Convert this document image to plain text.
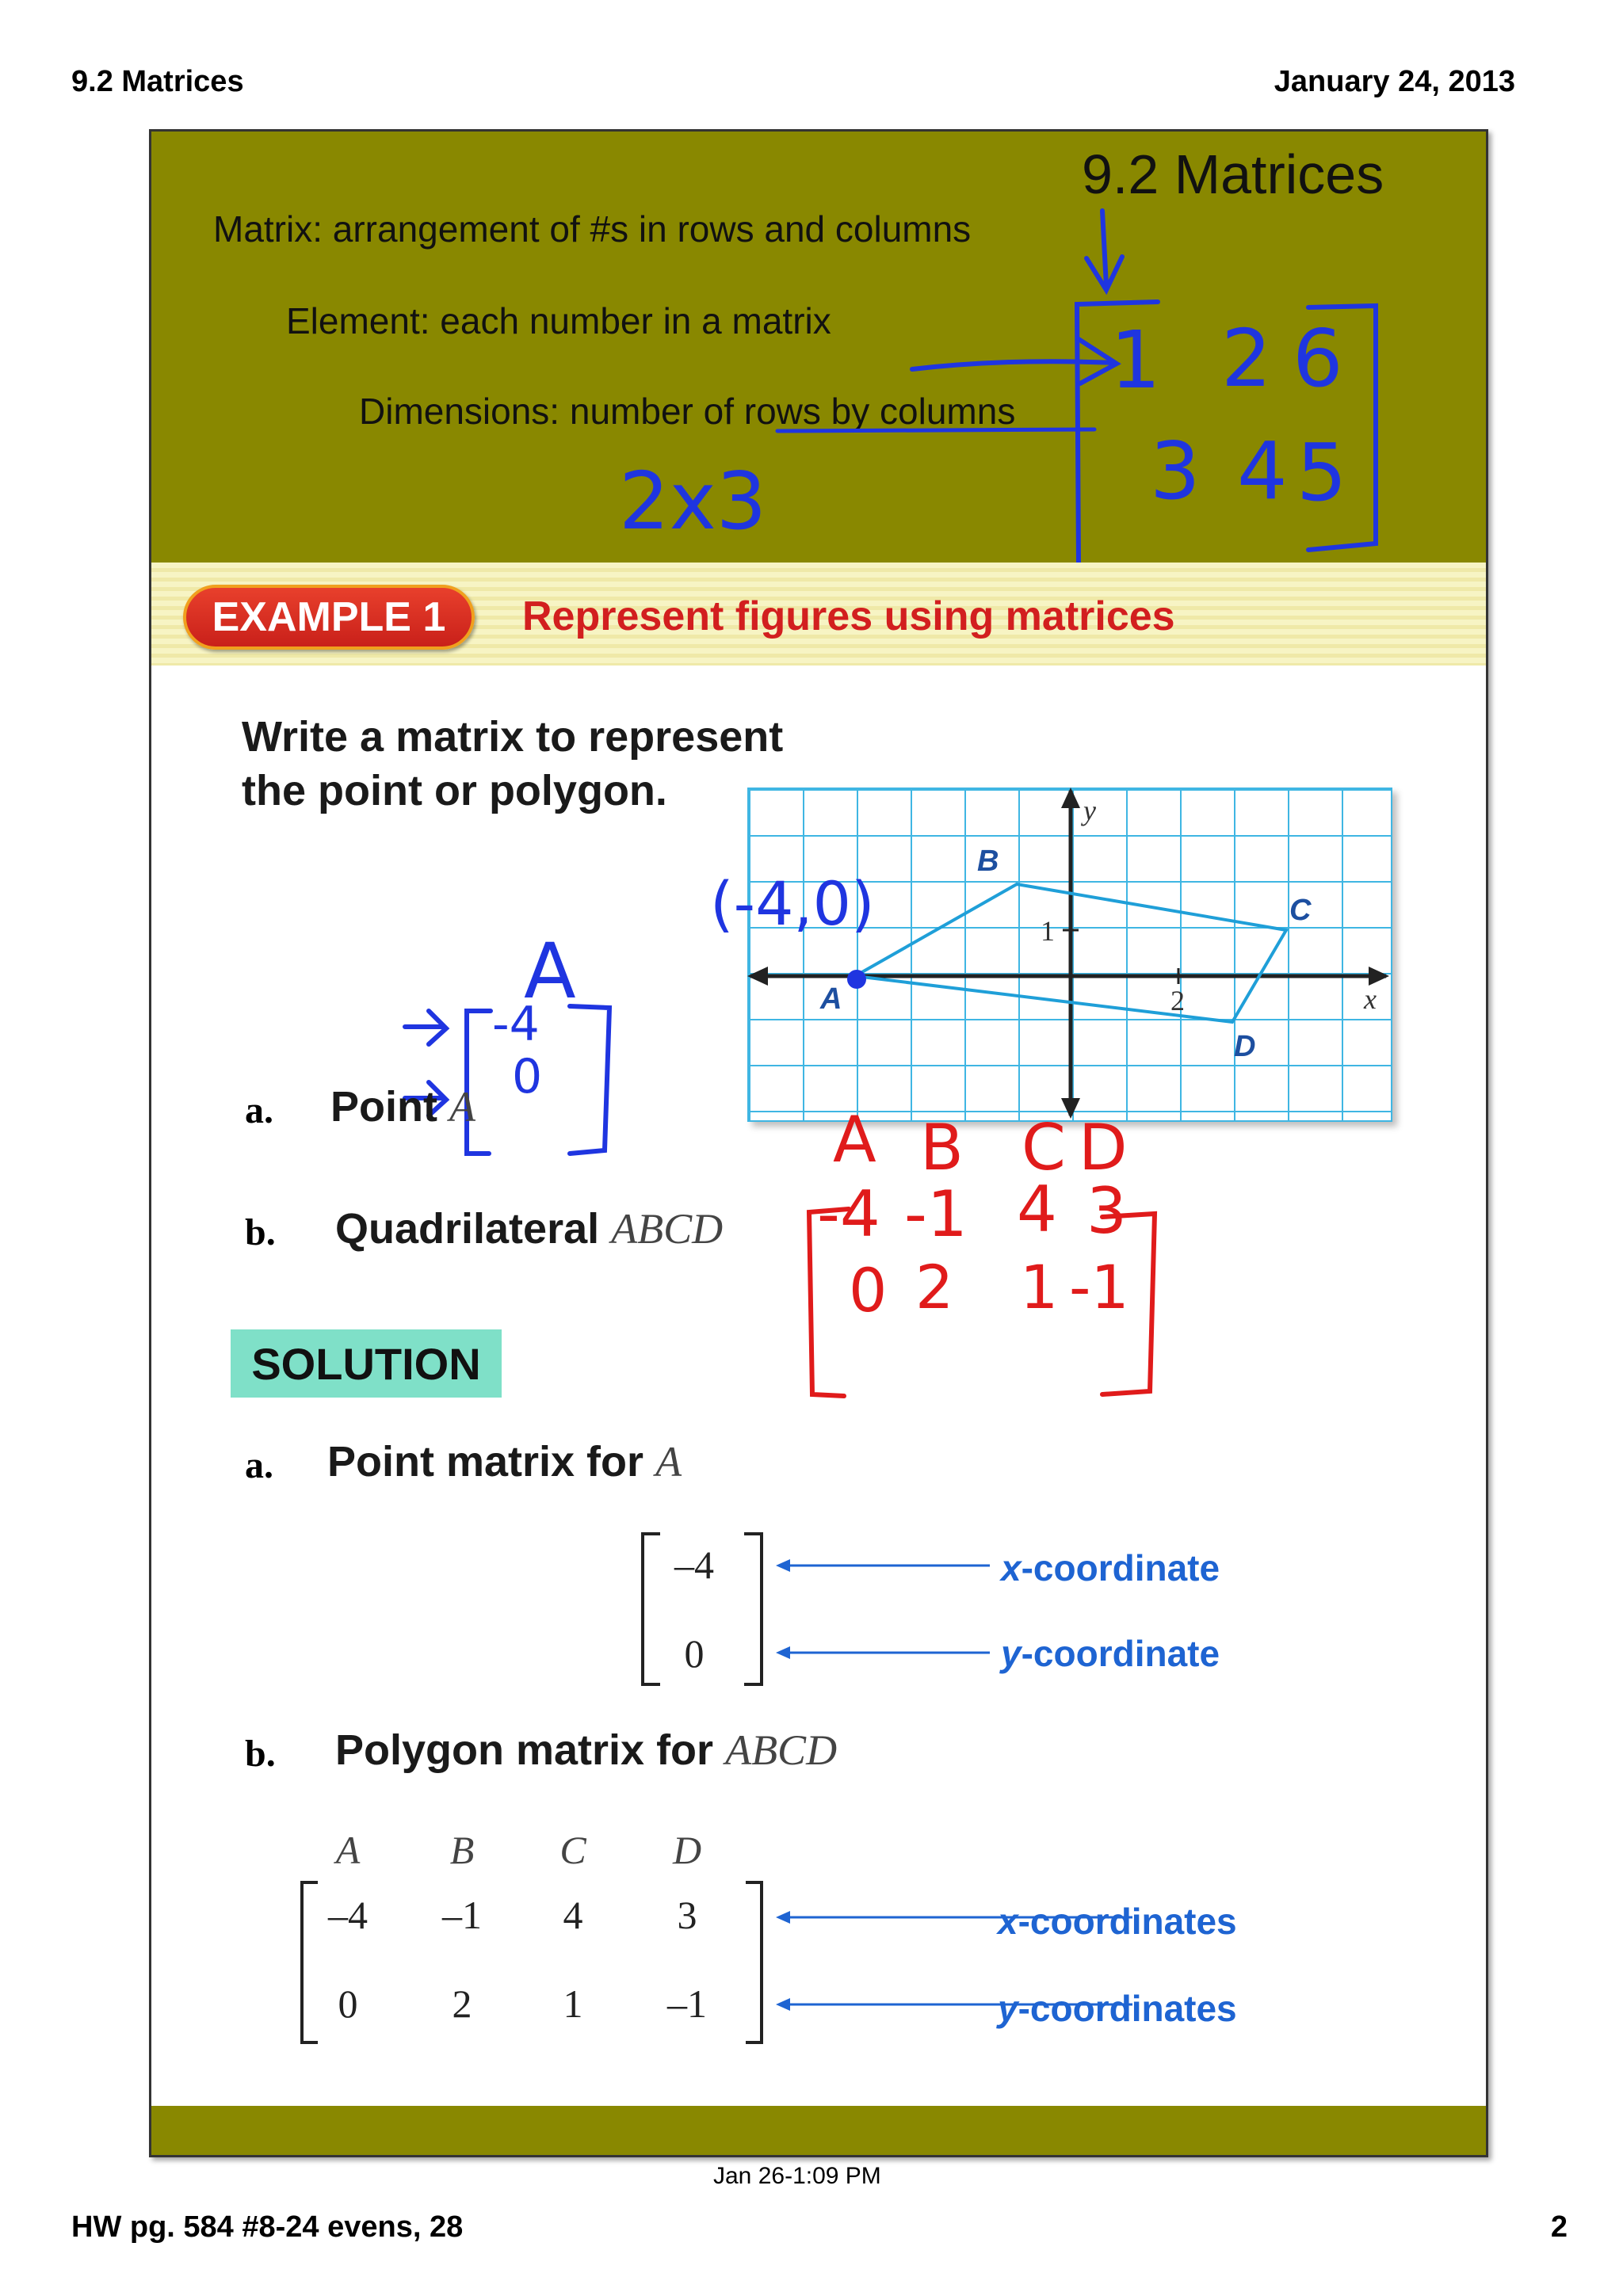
9.2 Matrices	January 24, 2013
9.2 Matrices
Matrix: arrangement of #s in rows and columns
Element: each number in a matrix
Dimensions: number of rows by columns
1 2 6
3 4 5
2x3
EXAMPLE 1	Represent figures using matrices
Write a matrix to represent
the point or polygon.	y
x
2
1
B
C
A
D
(-4,0)
A
-4
0
a. Point A
b. Quadrilateral ABCD
A B C D
-4 -1 4 3
0 2 1 -1
SOLUTION
a. Point matrix for A
–4
0
x-coordinate
y-coordinate
b. Polygon matrix for ABCD
A	B	C	D
–4	–1	4	3
0	2	1	–1
x-coordinates
y-coordinates
Jan 26-1:09 PM
HW pg. 584 #8-24 evens, 28	2
